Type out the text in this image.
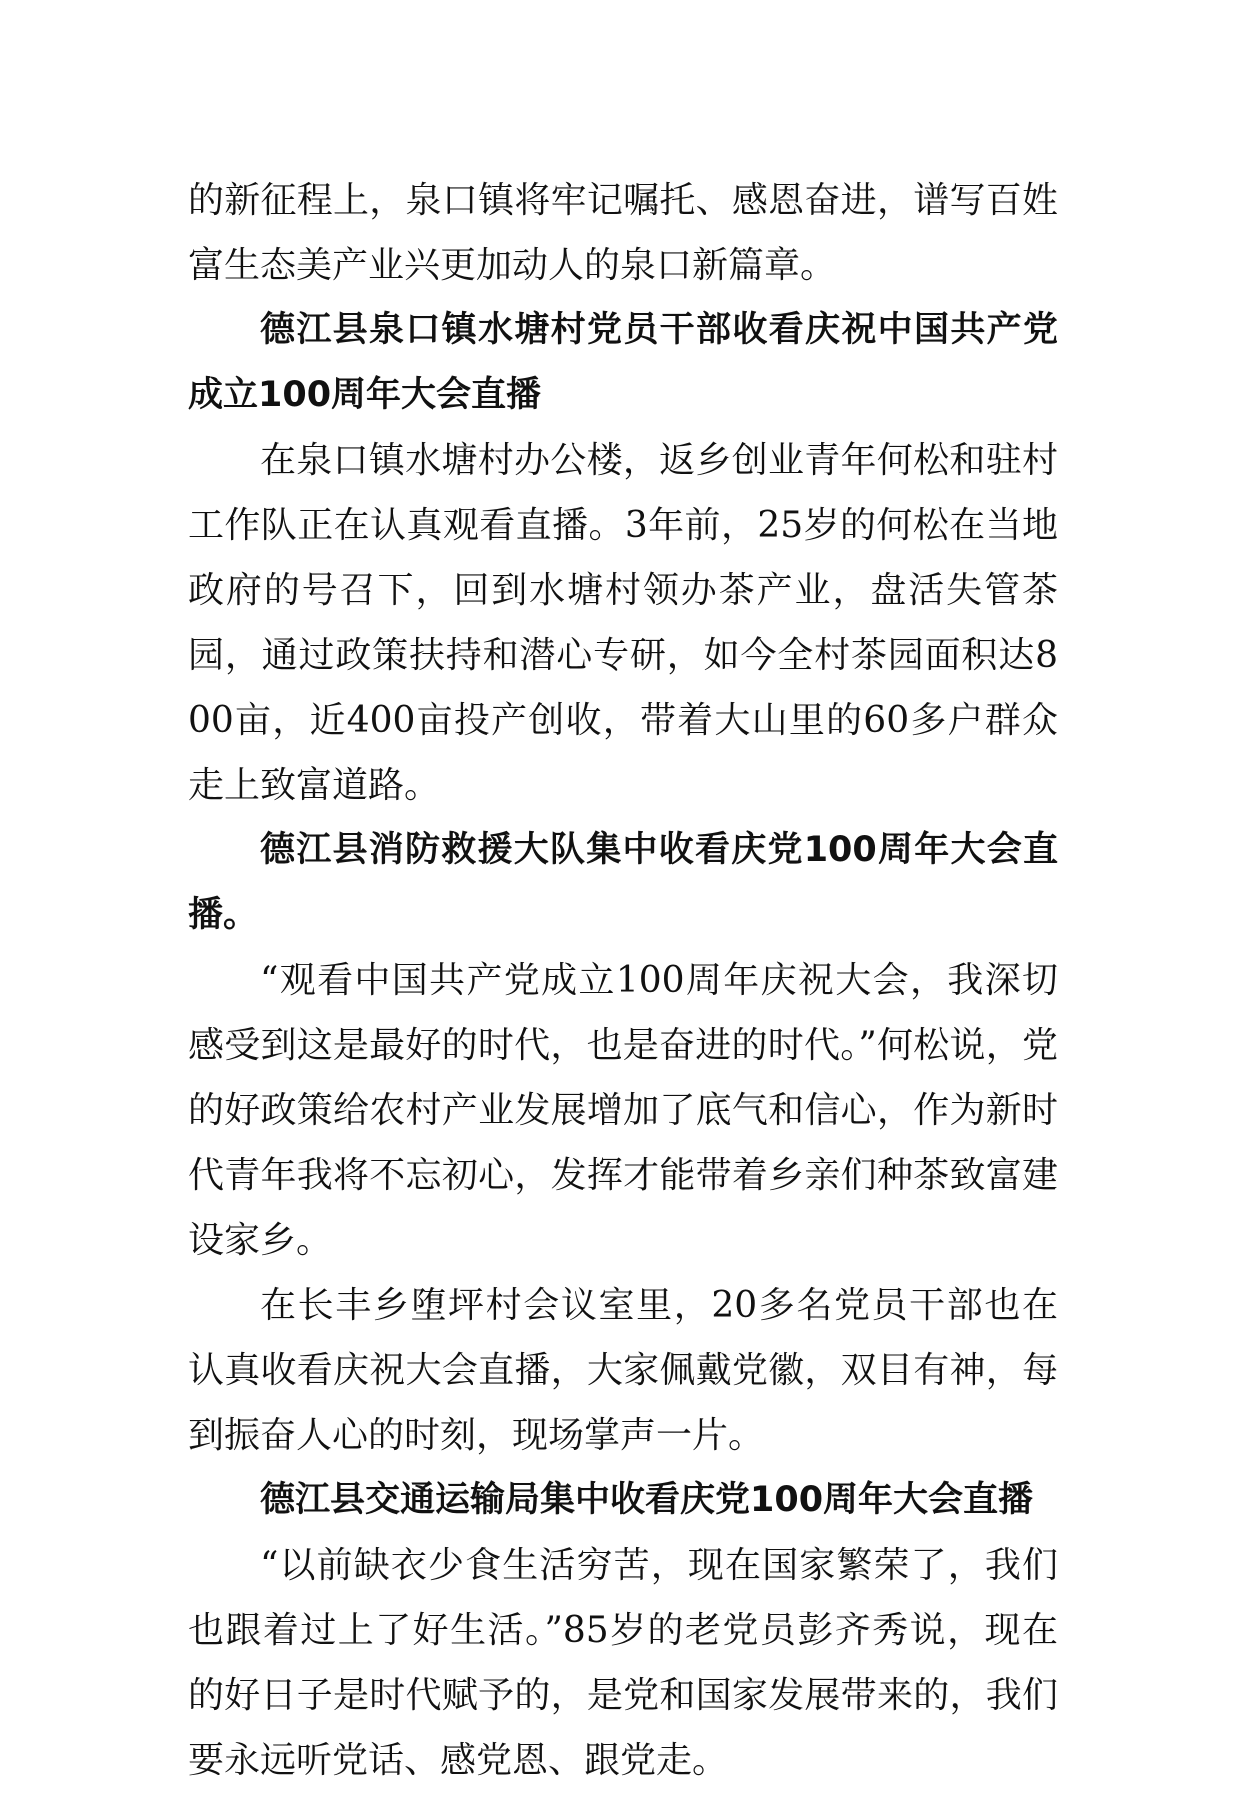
的新征程上，泉口镇将牢记嘱托、感恩奋进，谱写百姓富生态美产业兴更加动人的泉口新篇章。

德江县泉口镇水塘村党员干部收看庆祝中国共产党成立100周年大会直播

在泉口镇水塘村办公楼，返乡创业青年何松和驻村工作队正在认真观看直播。3年前，25岁的何松在当地政府的号召下，回到水塘村领办茶产业，盘活失管茶园，通过政策扶持和潜心专研，如今全村茶园面积达800亩，近400亩投产创收，带着大山里的60多户群众走上致富道路。

德江县消防救援大队集中收看庆党100周年大会直播。

“观看中国共产党成立100周年庆祝大会，我深切感受到这是最好的时代，也是奋进的时代。”何松说，党的好政策给农村产业发展增加了底气和信心，作为新时代青年我将不忘初心，发挥才能带着乡亲们种茶致富建设家乡。

在长丰乡堕坪村会议室里，20多名党员干部也在认真收看庆祝大会直播，大家佩戴党徽，双目有神，每到振奋人心的时刻，现场掌声一片。

德江县交通运输局集中收看庆党100周年大会直播

“以前缺衣少食生活穷苦，现在国家繁荣了，我们也跟着过上了好生活。”85岁的老党员彭齐秀说，现在的好日子是时代赋予的，是党和国家发展带来的，我们要永远听党话、感党恩、跟党走。
